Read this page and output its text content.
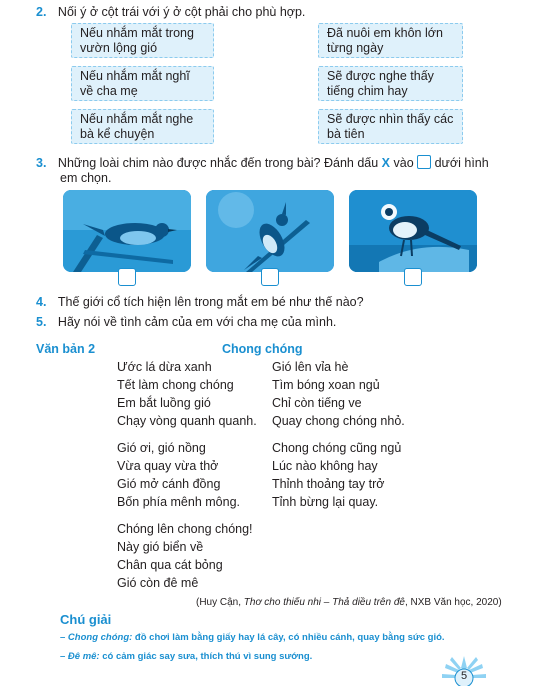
2. Nối ý ở cột trái với ý ở cột phải cho phù hợp.
Nếu nhắm mắt trong
vườn lộng gió
Nếu nhắm mắt nghĩ
về cha mẹ
Nếu nhắm mắt nghe
bà kể chuyện
Đã nuôi em khôn lớn
từng ngày
Sẽ được nghe thấy
tiếng chim hay
Sẽ được nhìn thấy các
bà tiên
3. Những loài chim nào được nhắc đến trong bài? Đánh dấu X vào  dưới hình
em chọn.
4. Thế giới cổ tích hiện lên trong mắt em bé như thế nào?
5. Hãy nói về tình cảm của em với cha mẹ của mình.
Văn bản 2	Chong chóng
Ước lá dừa xanh
Tết làm chong chóng
Em bắt luồng gió
Chạy vòng quanh quanh.
Gió ơi, gió nồng
Vừa quay vừa thở
Gió mở cánh đồng
Bốn phía mênh mông.
Chóng lên chong chóng!
Này gió biển về
Chân qua cát bỏng
Gió còn đê mê
Gió lên vỉa hè
Tìm bóng xoan ngủ
Chỉ còn tiếng ve
Quay chong chóng nhỏ.
Chong chóng cũng ngủ
Lúc nào không hay
Thỉnh thoảng tay trở
Tỉnh bừng lại quay.
(Huy Cận, Thơ cho thiếu nhi – Thả diều trên đê, NXB Văn học, 2020)
Chú giải
– Chong chóng: đồ chơi làm bằng giấy hay lá cây, có nhiều cánh, quay bằng sức gió.
– Đê mê: có cảm giác say sưa, thích thú vì sung sướng.
5
